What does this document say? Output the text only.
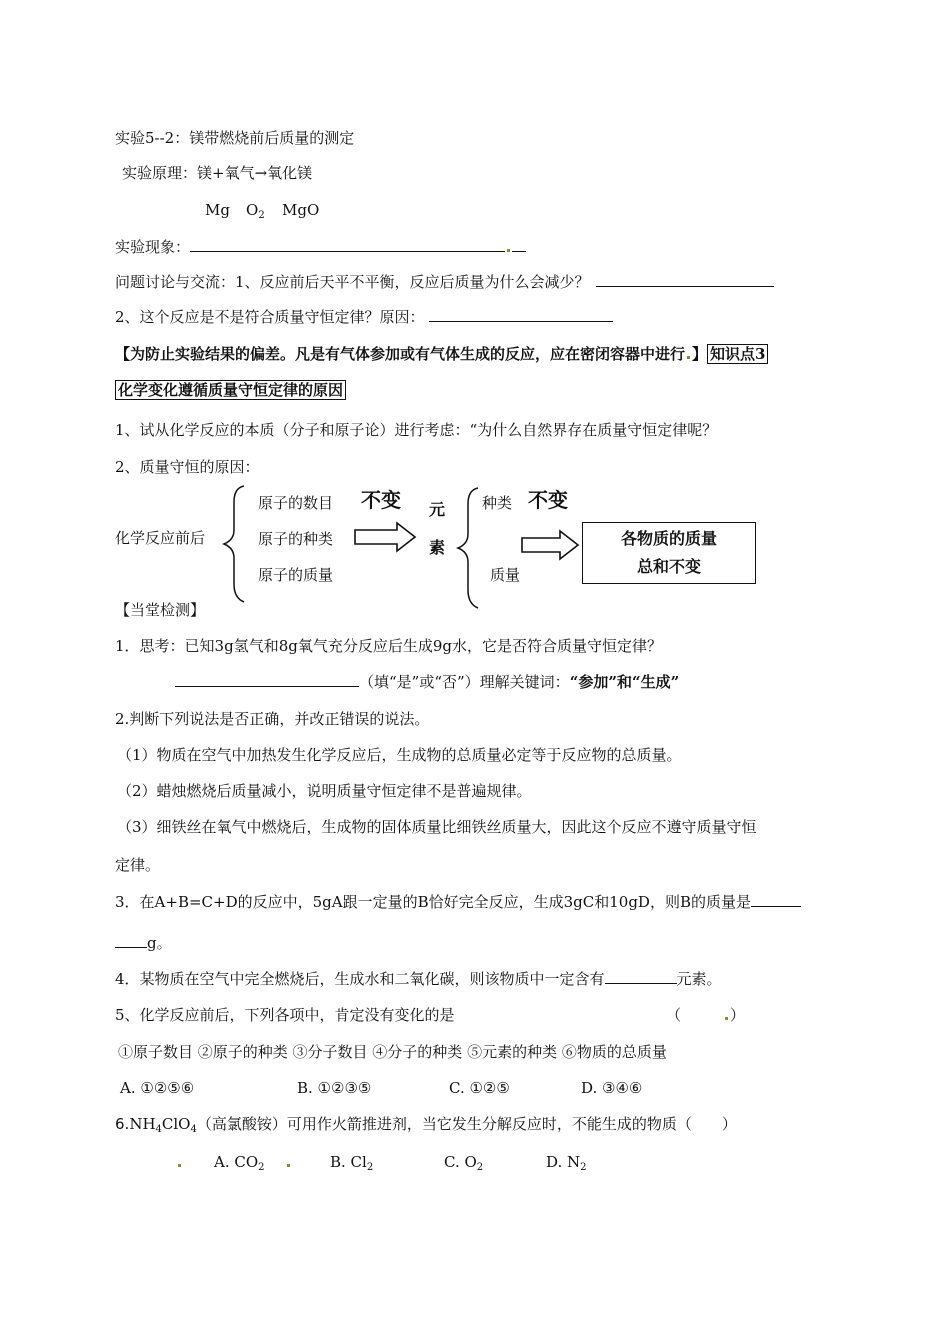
实验5--2：镁带燃烧前后质量的测定
实验原理：镁+氧气→氧化镁
Mg $O_2$ MgO
实验现象：
问题讨论与交流：1、反应前后天平不平衡，反应后质量为什么会减少？
2、这个反应是不是符合质量守恒定律？原因：
【为防止实验结果的偏差。凡是有气体参加或有气体生成的反应，应在密闭容器中进行 】 知识点3
化学变化遵循质量守恒定律的原因
1、试从化学反应的本质（分子和原子论）进行考虑：“为什么自然界存在质量守恒定律呢？
2、质量守恒的原因：
化学反应前后
原子的数目
原子的种类
原子的质量
不变 元
素
种类 不变
质量
各物质的质量
总和不变
【当堂检测】
1．思考：已知3g氢气和8g氧气充分反应后生成9g水，它是否符合质量守恒定律？
（填“是”或“否”）理解关键词：“参加”和“生成”
2.判断下列说法是否正确，并改正错误的说法。
（1）物质在空气中加热发生化学反应后，生成物的总质量必定等于反应物的总质量。
（2）蜡烛燃烧后质量减小，说明质量守恒定律不是普遍规律。
（3）细铁丝在氧气中燃烧后，生成物的固体质量比细铁丝质量大，因此这个反应不遵守质量守恒
定律。
3．在A+B=C+D的反应中，5gA跟一定量的B恰好完全反应，生成3gC和10gD，则B的质量是
g。
4．某物质在空气中完全燃烧后，生成水和二氧化碳，则该物质中一定含有	元素。
5、化学反应前后，下列各项中，肯定没有变化的是	（	）
①原子数目 ②原子的种类 ③分子数目 ④分子的种类 ⑤元素的种类 ⑥物质的总质量
A. ①②⑤⑥	B. ①②③⑤	C. ①②⑤	D. ③④⑥
$6.NH_4ClO_4$（高氯酸铵）可用作火箭推进剂，当它发生分解反应时，不能生成的物质（　　）
A. $CO_2$	B. $Cl_2$	C. $O_2$	D. $N_2$
